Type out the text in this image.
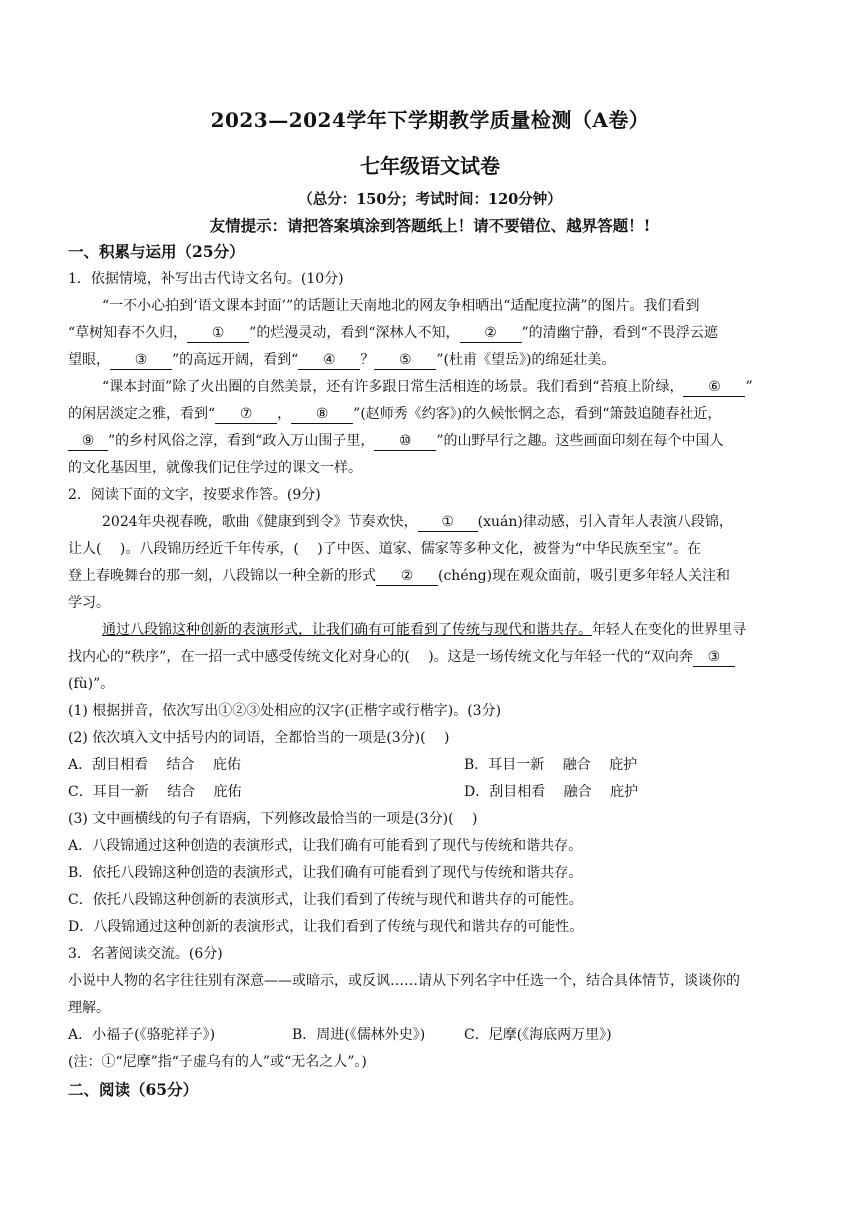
2023—2024学年下学期教学质量检测（A卷）
七年级语文试卷
（总分：150分；考试时间：120分钟）
友情提示：请把答案填涂到答题纸上！请不要错位、越界答题！!
一、积累与运用（25分）
1．依据情境，补写出古代诗文名句。(10分)
“一不小心拍到‘语文课本封面’”的话题让天南地北的网友争相晒出“适配度拉满”的图片。我们看到
“草树知春不久归， ① ”的烂漫灵动，看到“深林人不知， ② ”的清幽宁静，看到“不畏浮云遮
望眼， ③ ”的高远开阔，看到“ ④ ？ ⑤ ”(杜甫《望岳》)的绵延壮美。
“课本封面”除了火出圈的自然美景，还有许多跟日常生活相连的场景。我们看到“苔痕上阶绿， ⑥ ”
的闲居淡定之雅，看到“ ⑦ ， ⑧ ”(赵师秀《约客》)的久候怅惘之态，看到“箫鼓追随春社近，
⑨ ”的乡村风俗之淳，看到“政入万山围子里， ⑩ ”的山野早行之趣。这些画面印刻在每个中国人
的文化基因里，就像我们记住学过的课文一样。
2．阅读下面的文字，按要求作答。(9分)
2024年央视春晚，歌曲《健康到到令》节奏欢快， ① (xuán)律动感，引入青年人表演八段锦，
让人(　 )。八段锦历经近千年传承，(　 )了中医、道家、儒家等多种文化，被誉为“中华民族至宝”。在
登上春晚舞台的那一刻，八段锦以一种全新的形式 ② (chéng)现在观众面前，吸引更多年轻人关注和
学习。
通过八段锦这种创新的表演形式，让我们确有可能看到了传统与现代和谐共存。年轻人在变化的世界里寻
找内心的“秩序”，在一招一式中感受传统文化对身心的(　 )。这是一场传统文化与年轻一代的“双向奔 ③
(fù)”。
(1) 根据拼音，依次写出①②③处相应的汉字(正楷字或行楷字)。(3分)
(2) 依次填入文中括号内的词语，全都恰当的一项是(3分)(　 )
A．刮目相看　 结合　 庇佑	B．耳目一新　 融合　 庇护
C．耳目一新　 结合　 庇佑	D．刮目相看　 融合　 庇护
(3) 文中画横线的句子有语病，下列修改最恰当的一项是(3分)(　 )
A．八段锦通过这种创造的表演形式，让我们确有可能看到了现代与传统和谐共存。
B．依托八段锦这种创造的表演形式，让我们确有可能看到了现代与传统和谐共存。
C．依托八段锦这种创新的表演形式，让我们看到了传统与现代和谐共存的可能性。
D．八段锦通过这种创新的表演形式，让我们看到了传统与现代和谐共存的可能性。
3．名著阅读交流。(6分)
小说中人物的名字往往别有深意——或暗示，或反讽……请从下列名字中任选一个，结合具体情节，谈谈你的
理解。
A．小福子(《骆驼祥子》)	B．周进(《儒林外史》)	C．尼摩(《海底两万里》)
(注：①“尼摩”指“子虚乌有的人”或“无名之人”。)
二、阅读（65分）
